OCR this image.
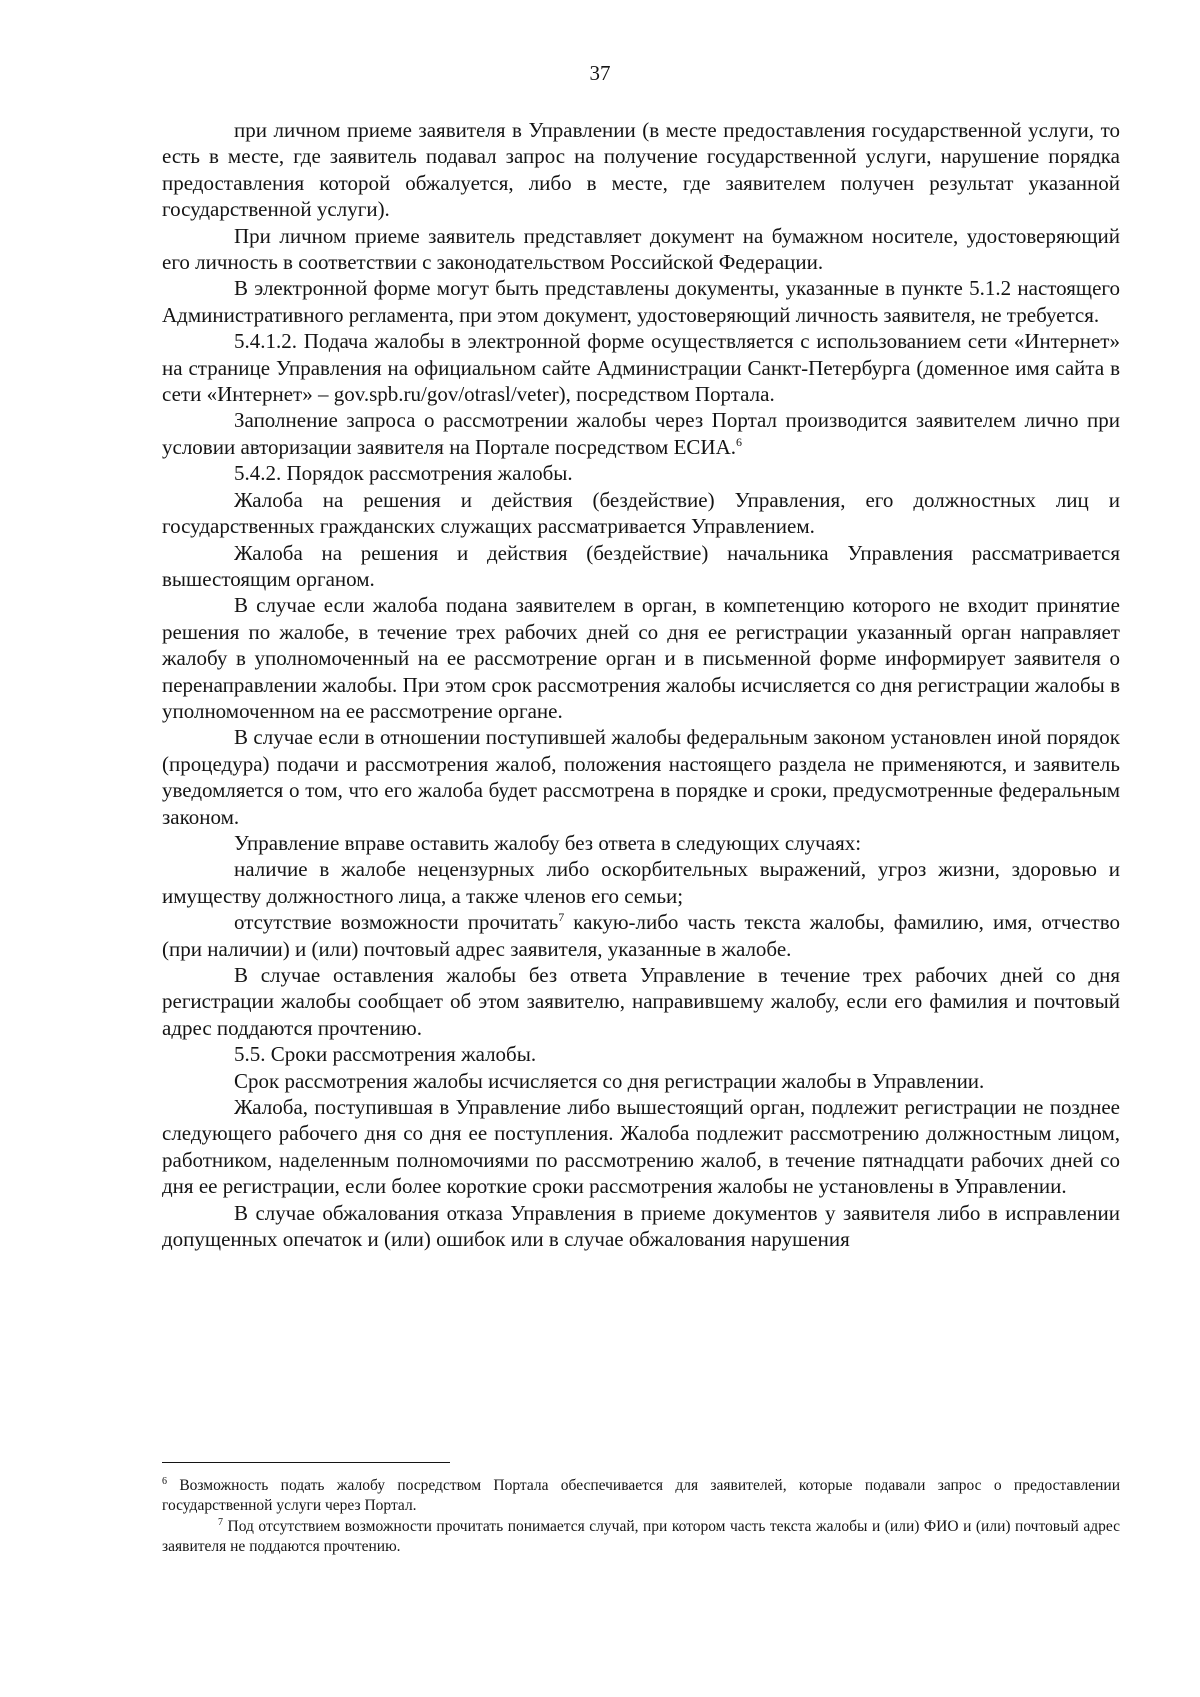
37

при личном приеме заявителя в Управлении (в месте предоставления государственной услуги, то есть в месте, где заявитель подавал запрос на получение государственной услуги, нарушение порядка предоставления которой обжалуется, либо в месте, где заявителем получен результат указанной государственной услуги).

При личном приеме заявитель представляет документ на бумажном носителе, удостоверяющий его личность в соответствии с законодательством Российской Федерации.

В электронной форме могут быть представлены документы, указанные в пункте 5.1.2 настоящего Административного регламента, при этом документ, удостоверяющий личность заявителя, не требуется.

5.4.1.2. Подача жалобы в электронной форме осуществляется с использованием сети «Интернет» на странице Управления на официальном сайте Администрации Санкт-Петербурга (доменное имя сайта в сети «Интернет» – gov.spb.ru/gov/otrasl/veter), посредством Портала.

Заполнение запроса о рассмотрении жалобы через Портал производится заявителем лично при условии авторизации заявителя на Портале посредством ЕСИА.$^6$

5.4.2. Порядок рассмотрения жалобы.

Жалоба на решения и действия (бездействие) Управления, его должностных лиц и государственных гражданских служащих рассматривается Управлением.

Жалоба на решения и действия (бездействие) начальника Управления рассматривается вышестоящим органом.

В случае если жалоба подана заявителем в орган, в компетенцию которого не входит принятие решения по жалобе, в течение трех рабочих дней со дня ее регистрации указанный орган направляет жалобу в уполномоченный на ее рассмотрение орган и в письменной форме информирует заявителя о перенаправлении жалобы. При этом срок рассмотрения жалобы исчисляется со дня регистрации жалобы в уполномоченном на ее рассмотрение органе.

В случае если в отношении поступившей жалобы федеральным законом установлен иной порядок (процедура) подачи и рассмотрения жалоб, положения настоящего раздела не применяются, и заявитель уведомляется о том, что его жалоба будет рассмотрена в порядке и сроки, предусмотренные федеральным законом.

Управление вправе оставить жалобу без ответа в следующих случаях:

наличие в жалобе нецензурных либо оскорбительных выражений, угроз жизни, здоровью и имуществу должностного лица, а также членов его семьи;

отсутствие возможности прочитать$^7$ какую-либо часть текста жалобы, фамилию, имя, отчество (при наличии) и (или) почтовый адрес заявителя, указанные в жалобе.

В случае оставления жалобы без ответа Управление в течение трех рабочих дней со дня регистрации жалобы сообщает об этом заявителю, направившему жалобу, если его фамилия и почтовый адрес поддаются прочтению.

5.5. Сроки рассмотрения жалобы.

Срок рассмотрения жалобы исчисляется со дня регистрации жалобы в Управлении.

Жалоба, поступившая в Управление либо вышестоящий орган, подлежит регистрации не позднее следующего рабочего дня со дня ее поступления. Жалоба подлежит рассмотрению должностным лицом, работником, наделенным полномочиями по рассмотрению жалоб, в течение пятнадцати рабочих дней со дня ее регистрации, если более короткие сроки рассмотрения жалобы не установлены в Управлении.

В случае обжалования отказа Управления в приеме документов у заявителя либо в исправлении допущенных опечаток и (или) ошибок или в случае обжалования нарушения

$^6$ Возможность подать жалобу посредством Портала обеспечивается для заявителей, которые подавали запрос о предоставлении государственной услуги через Портал.

$^7$ Под отсутствием возможности прочитать понимается случай, при котором часть текста жалобы и (или) ФИО и (или) почтовый адрес заявителя не поддаются прочтению.
